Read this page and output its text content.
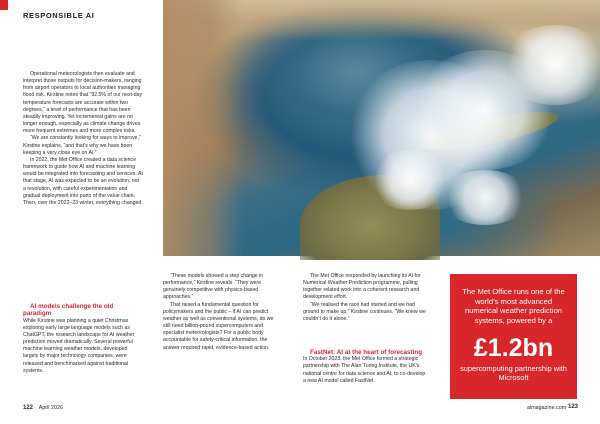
RESPONSIBLE AI

Operational meteorologists then evaluate and interpret those outputs for decision-makers, ranging from airport operators to local authorities managing flood risk. Kirstine notes that “92.5% of our next-day temperature forecasts are accurate within two degrees,” a level of performance that has been steadily improving. Yet incremental gains are no longer enough, especially as climate change drives more frequent extremes and more complex risks.

“We are constantly looking for ways to improve,” Kirstine explains, “and that’s why we have been keeping a very close eye on AI.”

In 2022, the Met Office created a data science framework to guide how AI and machine learning would be integrated into forecasting and services. At that stage, AI was expected to be an evolution, not a revolution, with careful experimentation and gradual deployment into parts of the value chain. Then, over the 2022–23 winter, everything changed.

AI models challenge the old paradigm

While Kirstine was planning a quiet Christmas exploring early large language models such as ChatGPT, the research landscape for AI weather prediction moved dramatically. Several powerful machine learning weather models, developed largely by major technology companies, were released and benchmarked against traditional systems.

“These models showed a step change in performance,” Kirstine reveals. “They were genuinely competitive with physics-based approaches.”

That raised a fundamental question for policymakers and the public – if AI can predict weather as well as conventional systems, do we still need billion-pound supercomputers and specialist meteorologists? For a public body accountable for safety-critical information, the answer required rapid, evidence-based action.

The Met Office responded by launching its AI for Numerical Weather Prediction programme, pulling together related work into a coherent research and development effort.

“We realised the race had started and we had ground to make up,” Kirstine continues. “We knew we couldn’t do it alone.”

FastNet: AI at the heart of forecasting

In October 2023, the Met Office formed a strategic partnership with The Alan Turing Institute, the UK’s national centre for data science and AI, to co-develop a new AI model called FastNet

The Met Office runs one of the world’s most advanced numerical weather prediction systems, powered by a
£1.2bn
supercomputing partnership with Microsoft
122 April 2026	aimagazine.com 123
